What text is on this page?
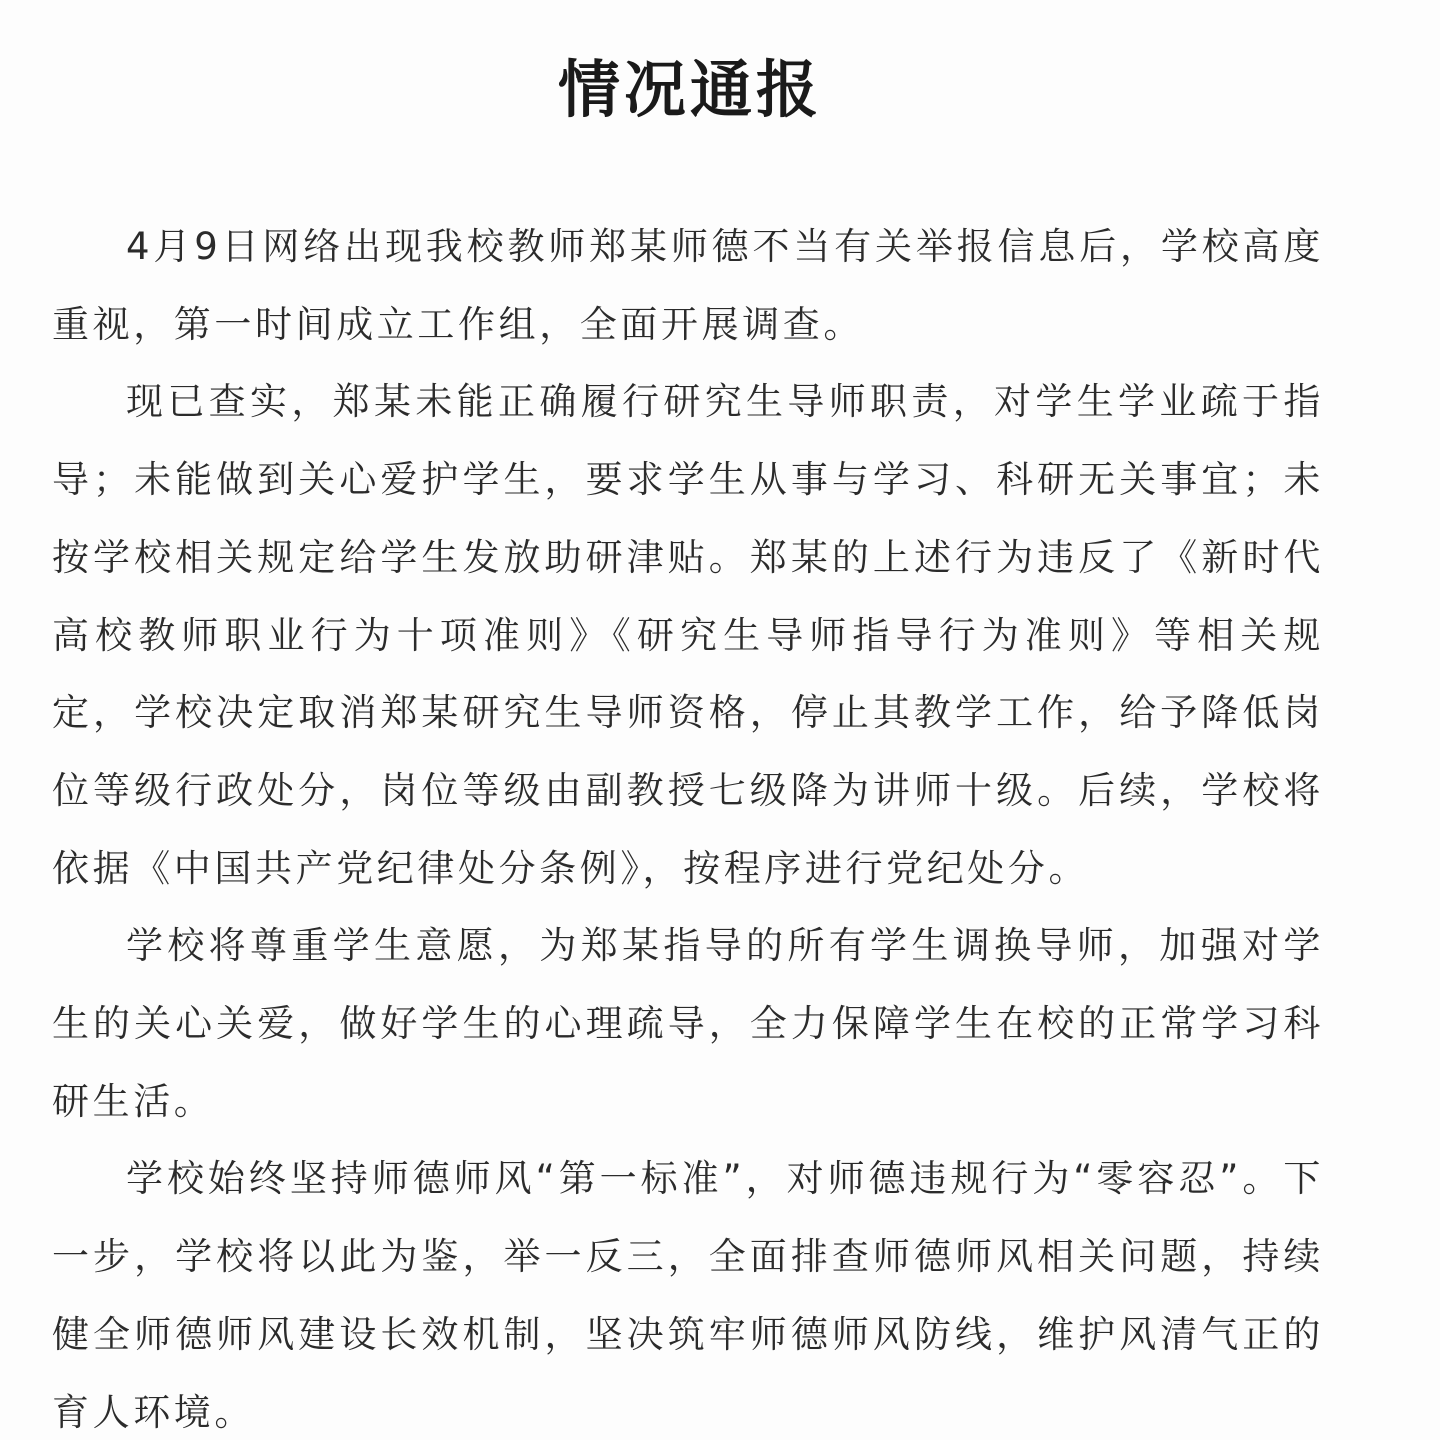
情况通报

4月9日网络出现我校教师郑某师德不当有关举报信息后，学校高度重视，第一时间成立工作组，全面开展调查。

现已查实，郑某未能正确履行研究生导师职责，对学生学业疏于指导；未能做到关心爱护学生，要求学生从事与学习、科研无关事宜；未按学校相关规定给学生发放助研津贴。郑某的上述行为违反了《新时代高校教师职业行为十项准则》《研究生导师指导行为准则》等相关规定，学校决定取消郑某研究生导师资格，停止其教学工作，给予降低岗位等级行政处分，岗位等级由副教授七级降为讲师十级。后续，学校将依据《中国共产党纪律处分条例》，按程序进行党纪处分。

学校将尊重学生意愿，为郑某指导的所有学生调换导师，加强对学生的关心关爱，做好学生的心理疏导，全力保障学生在校的正常学习科研生活。

学校始终坚持师德师风“第一标准”，对师德违规行为“零容忍”。下一步，学校将以此为鉴，举一反三，全面排查师德师风相关问题，持续健全师德师风建设长效机制，坚决筑牢师德师风防线，维护风清气正的育人环境。
